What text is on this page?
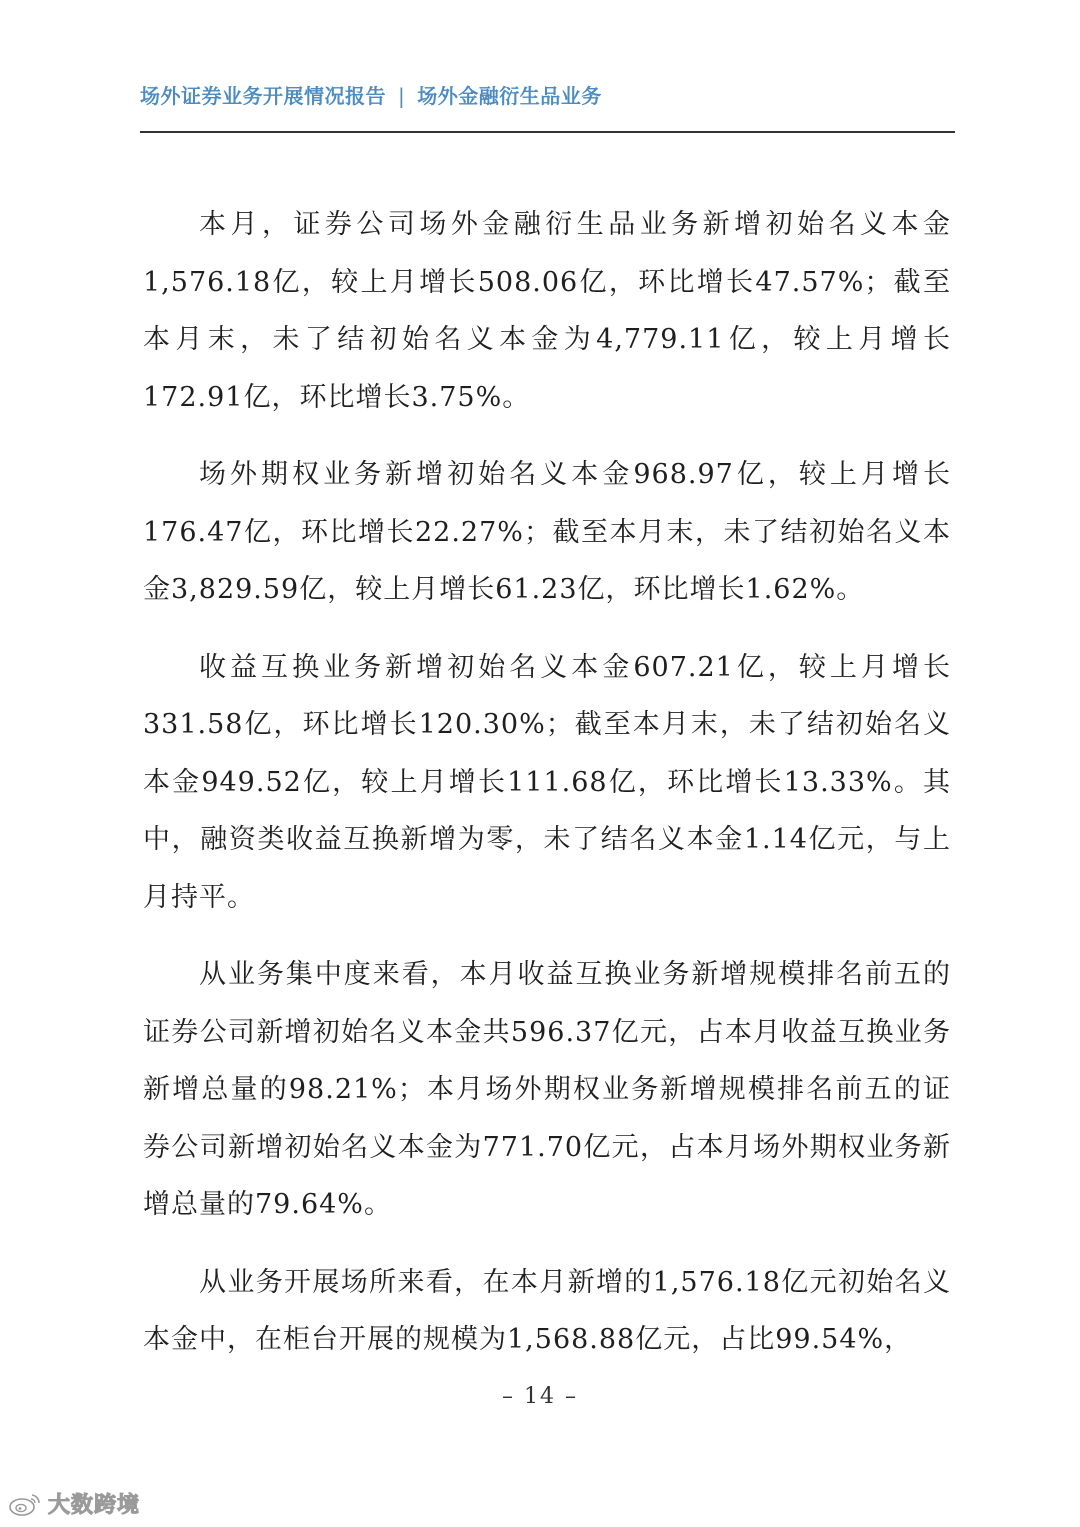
场外证券业务开展情况报告 | 场外金融衍生品业务

本月，证券公司场外金融衍生品业务新增初始名义本金1,576.18亿，较上月增长508.06亿，环比增长47.57%；截至本月末，未了结初始名义本金为4,779.11亿，较上月增长172.91亿，环比增长3.75%。

场外期权业务新增初始名义本金968.97亿，较上月增长176.47亿，环比增长22.27%；截至本月末，未了结初始名义本金3,829.59亿，较上月增长61.23亿，环比增长1.62%。

收益互换业务新增初始名义本金607.21亿，较上月增长331.58亿，环比增长120.30%；截至本月末，未了结初始名义本金949.52亿，较上月增长111.68亿，环比增长13.33%。其中，融资类收益互换新增为零，未了结名义本金1.14亿元，与上月持平。

从业务集中度来看，本月收益互换业务新增规模排名前五的证券公司新增初始名义本金共596.37亿元，占本月收益互换业务新增总量的98.21%；本月场外期权业务新增规模排名前五的证券公司新增初始名义本金为771.70亿元，占本月场外期权业务新增总量的79.64%。

从业务开展场所来看，在本月新增的1,576.18亿元初始名义本金中，在柜台开展的规模为1,568.88亿元，占比99.54%，

– 14 –
大数跨境
